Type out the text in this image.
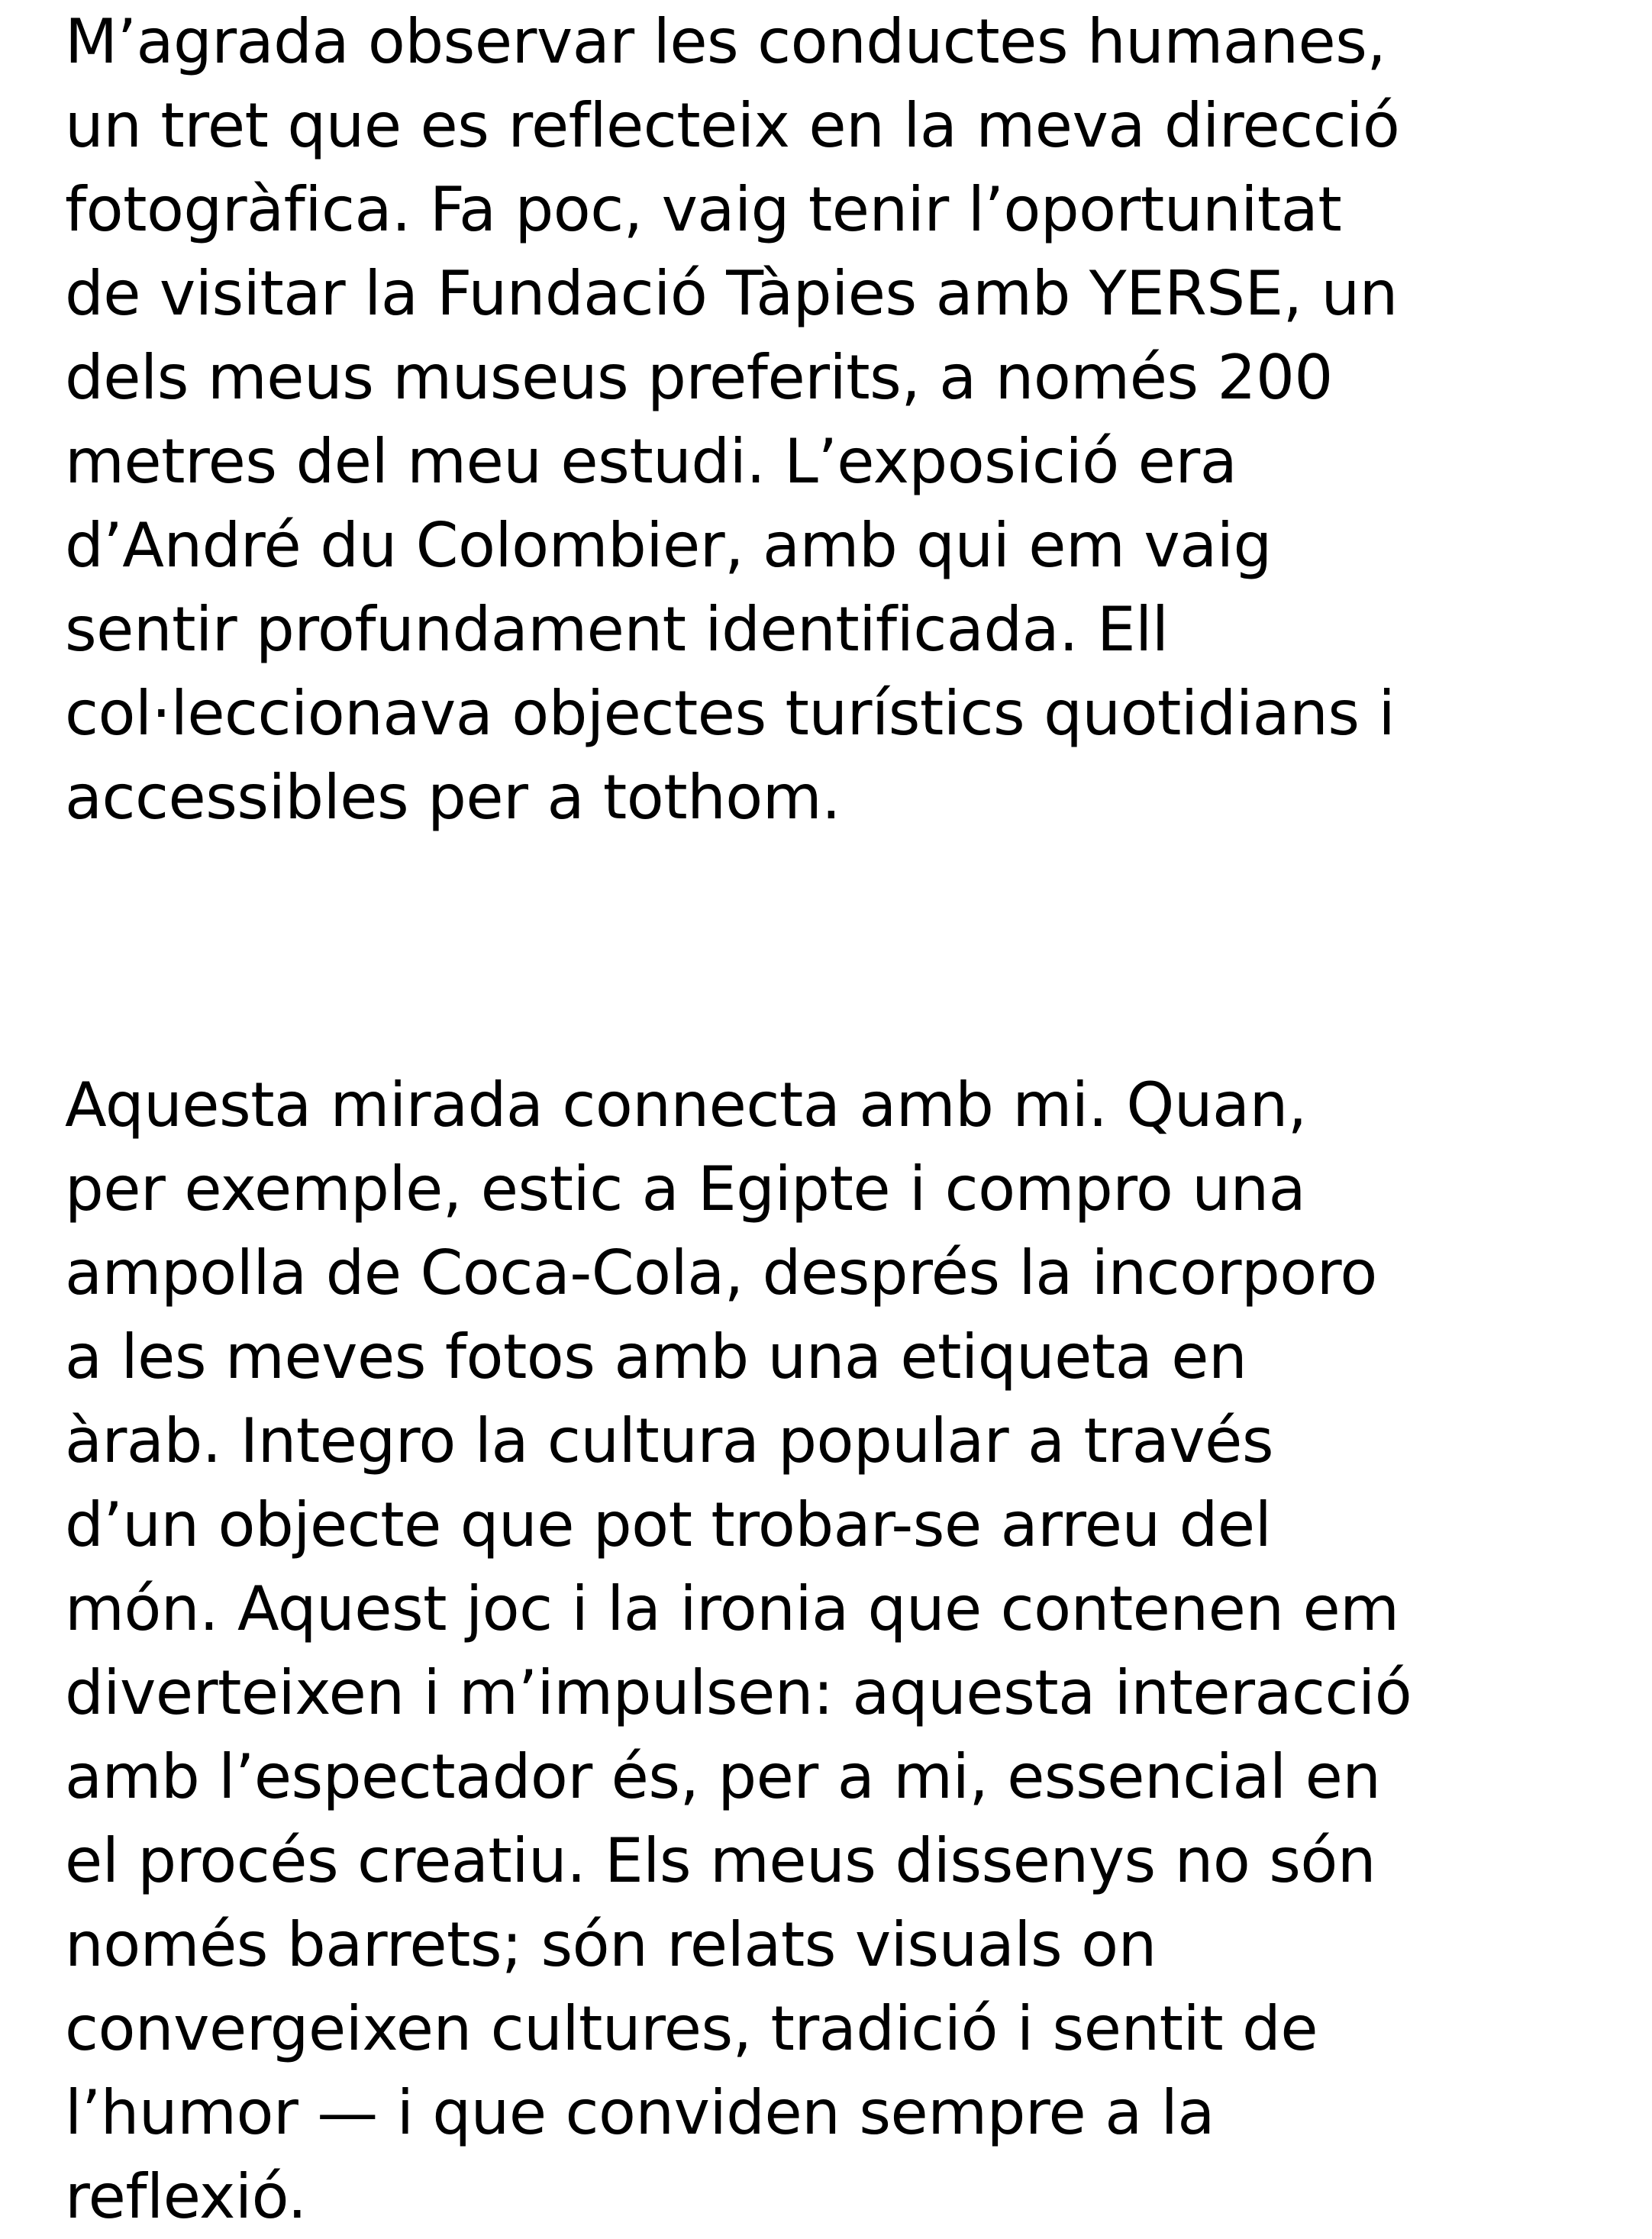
M’agrada observar les conductes humanes,
un tret que es reflecteix en la meva direcció
fotogràfica. Fa poc, vaig tenir l’oportunitat
de visitar la Fundació Tàpies amb YERSE, un
dels meus museus preferits, a només 200
metres del meu estudi. L’exposició era
d’André du Colombier, amb qui em vaig
sentir profundament identificada. Ell
col·leccionava objectes turístics quotidians i
accessibles per a tothom.
Aquesta mirada connecta amb mi. Quan,
per exemple, estic a Egipte i compro una
ampolla de Coca-Cola, després la incorporo
a les meves fotos amb una etiqueta en
àrab. Integro la cultura popular a través
d’un objecte que pot trobar-se arreu del
món. Aquest joc i la ironia que contenen em
diverteixen i m’impulsen: aquesta interacció
amb l’espectador és, per a mi, essencial en
el procés creatiu. Els meus dissenys no són
només barrets; són relats visuals on
convergeixen cultures, tradició i sentit de
l’humor — i que conviden sempre a la
reflexió.
